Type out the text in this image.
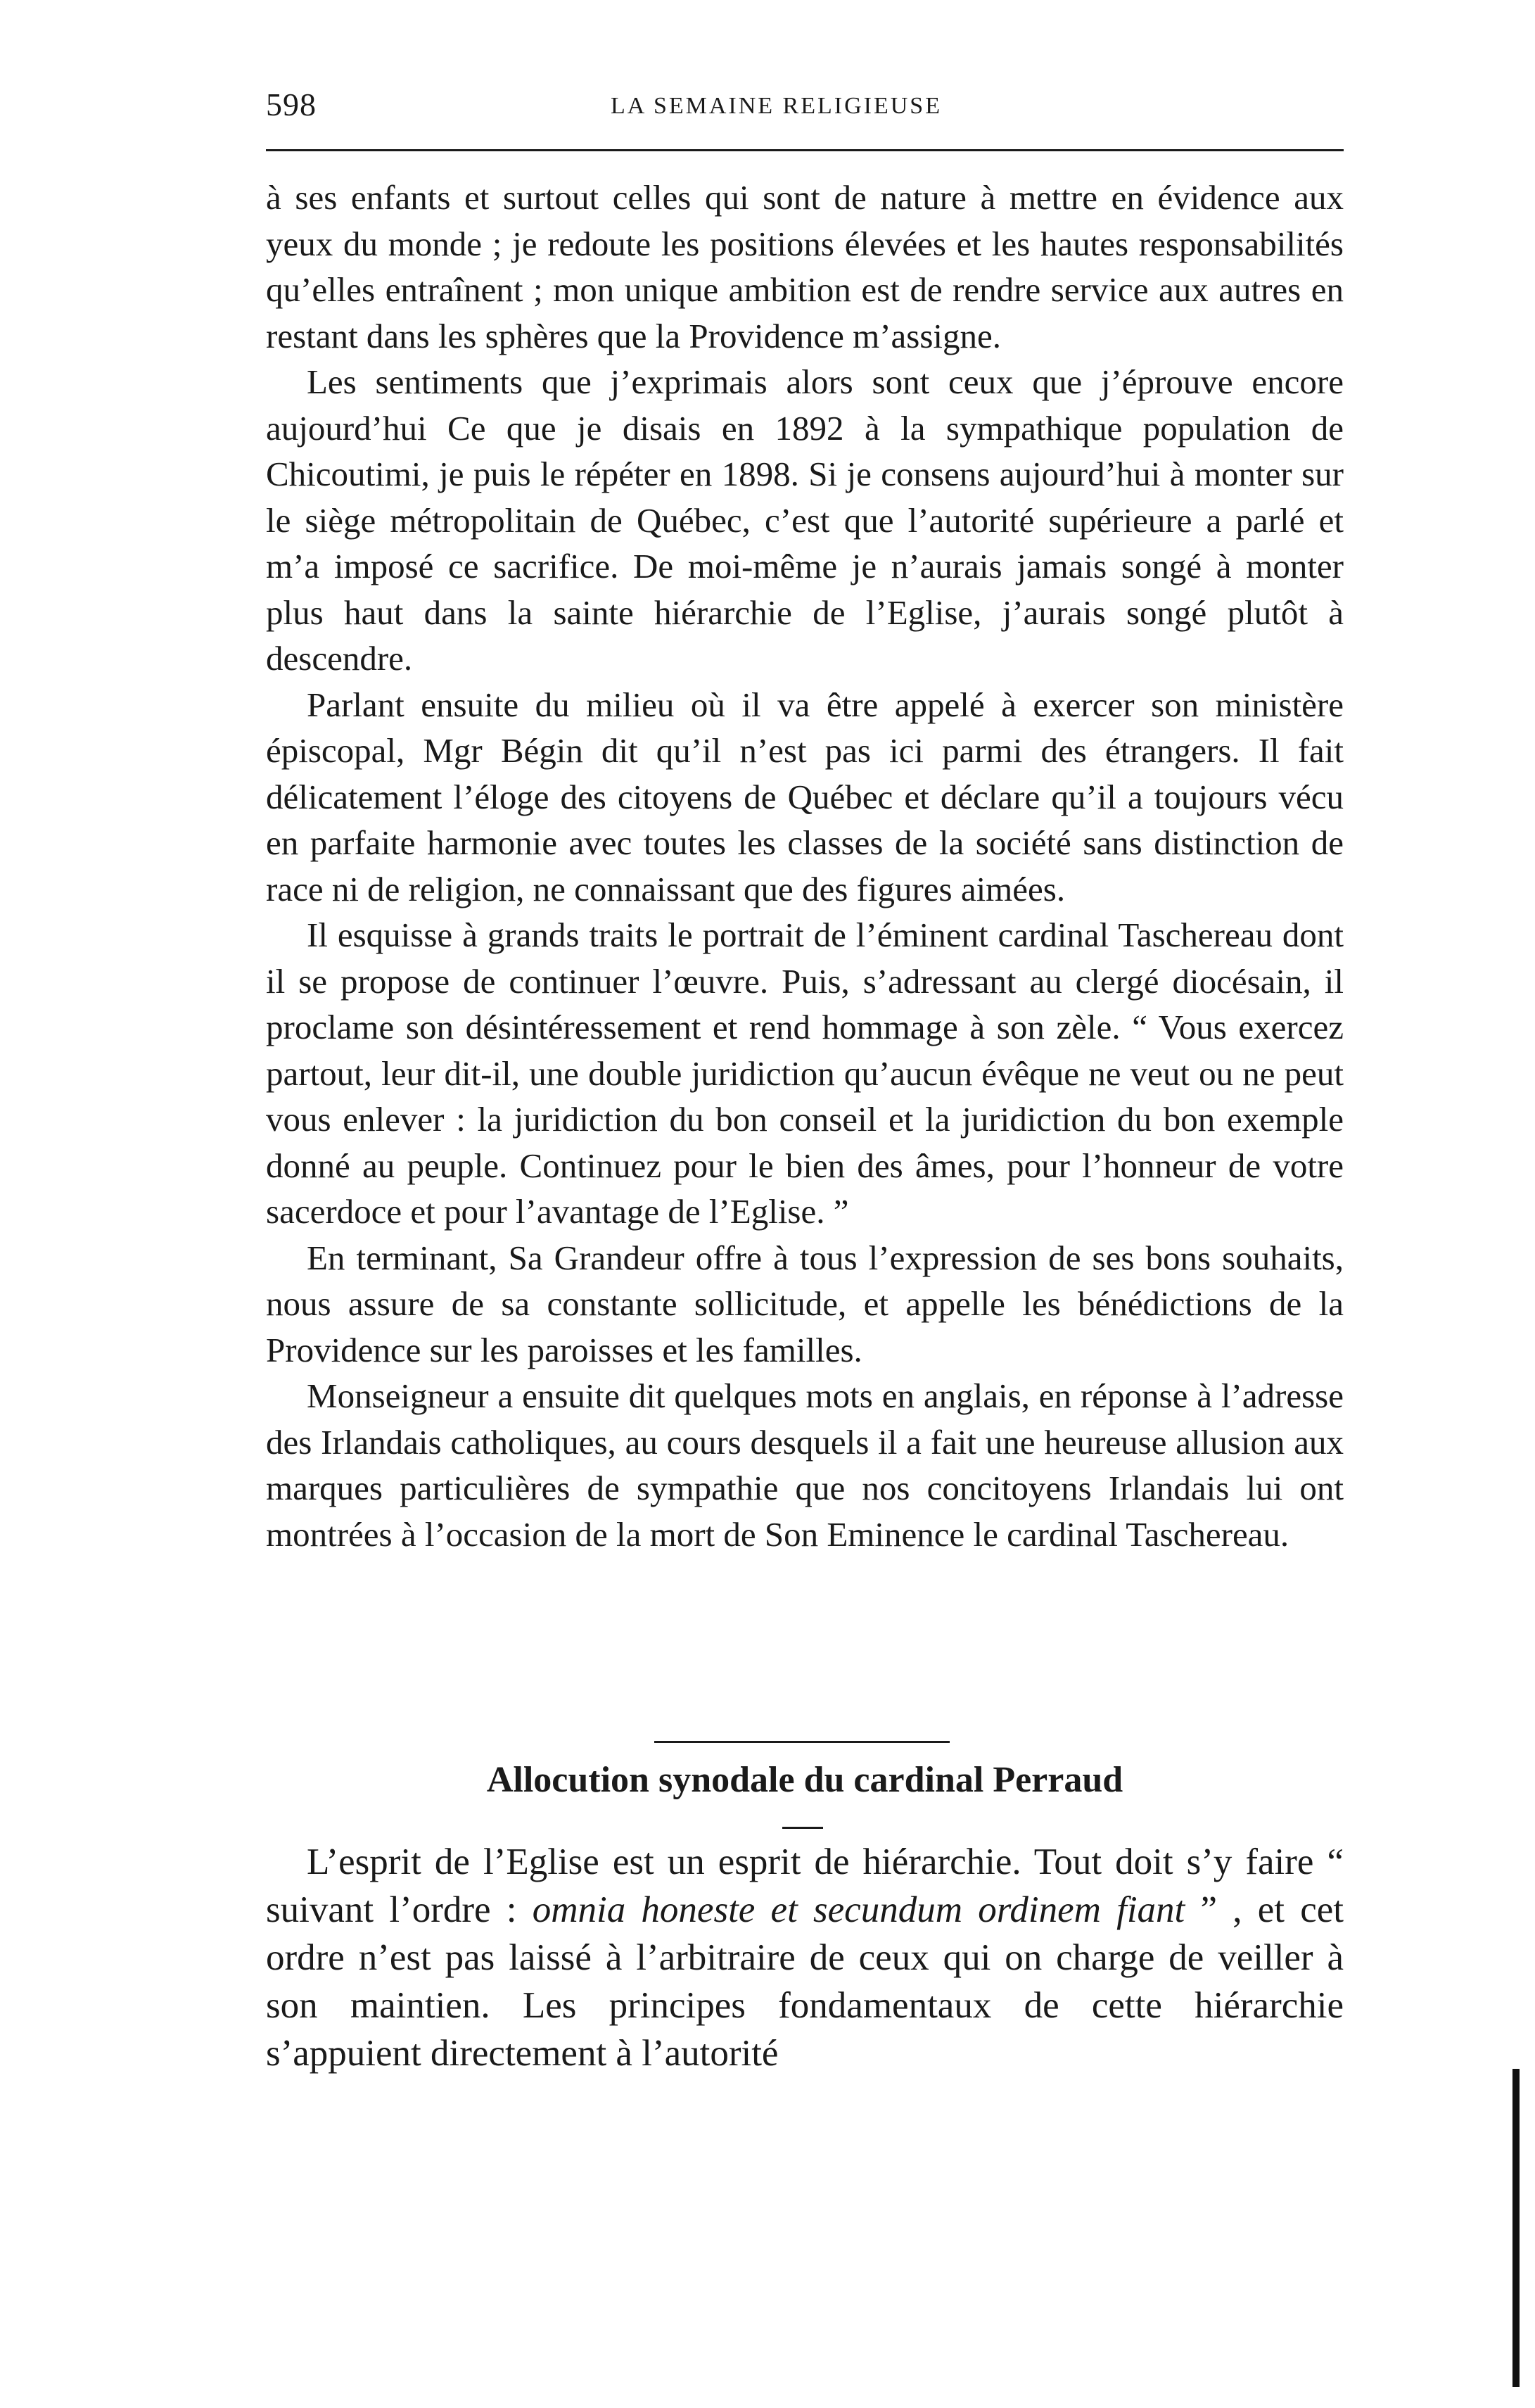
598	LA SEMAINE RELIGIEUSE

à ses enfants et surtout celles qui sont de nature à mettre en évidence aux yeux du monde ; je redoute les positions élevées et les hautes responsabilités qu’elles entraînent ; mon unique ambition est de rendre service aux autres en restant dans les sphères que la Providence m’assigne.

Les sentiments que j’exprimais alors sont ceux que j’éprouve encore aujourd’hui Ce que je disais en 1892 à la sympathique population de Chicoutimi, je puis le répéter en 1898. Si je consens aujourd’hui à monter sur le siège métropolitain de Québec, c’est que l’autorité supérieure a parlé et m’a imposé ce sacrifice. De moi-même je n’aurais jamais songé à monter plus haut dans la sainte hiérarchie de l’Eglise, j’aurais songé plutôt à descendre.

Parlant ensuite du milieu où il va être appelé à exercer son ministère épiscopal, Mgr Bégin dit qu’il n’est pas ici parmi des étrangers. Il fait délicatement l’éloge des citoyens de Québec et déclare qu’il a toujours vécu en parfaite harmonie avec toutes les classes de la société sans distinction de race ni de religion, ne connaissant que des figures aimées.

Il esquisse à grands traits le portrait de l’éminent cardinal Taschereau dont il se propose de continuer l’œuvre. Puis, s’adressant au clergé diocésain, il proclame son désintéressement et rend hommage à son zèle. “ Vous exercez partout, leur dit-il, une double juridiction qu’aucun évêque ne veut ou ne peut vous enlever : la juridiction du bon conseil et la juridiction du bon exemple donné au peuple. Continuez pour le bien des âmes, pour l’honneur de votre sacerdoce et pour l’avantage de l’Eglise. ”

En terminant, Sa Grandeur offre à tous l’expression de ses bons souhaits, nous assure de sa constante sollicitude, et appelle les bénédictions de la Providence sur les paroisses et les familles.

Monseigneur a ensuite dit quelques mots en anglais, en réponse à l’adresse des Irlandais catholiques, au cours desquels il a fait une heureuse allusion aux marques particulières de sympathie que nos concitoyens Irlandais lui ont montrées à l’occasion de la mort de Son Eminence le cardinal Taschereau.

Allocution synodale du cardinal Perraud

L’esprit de l’Eglise est un esprit de hiérarchie. Tout doit s’y faire “ suivant l’ordre : omnia honeste et secundum ordinem fiant ” , et cet ordre n’est pas laissé à l’arbitraire de ceux qui on charge de veiller à son maintien. Les principes fondamentaux de cette hiérarchie s’appuient directement à l’autorité
